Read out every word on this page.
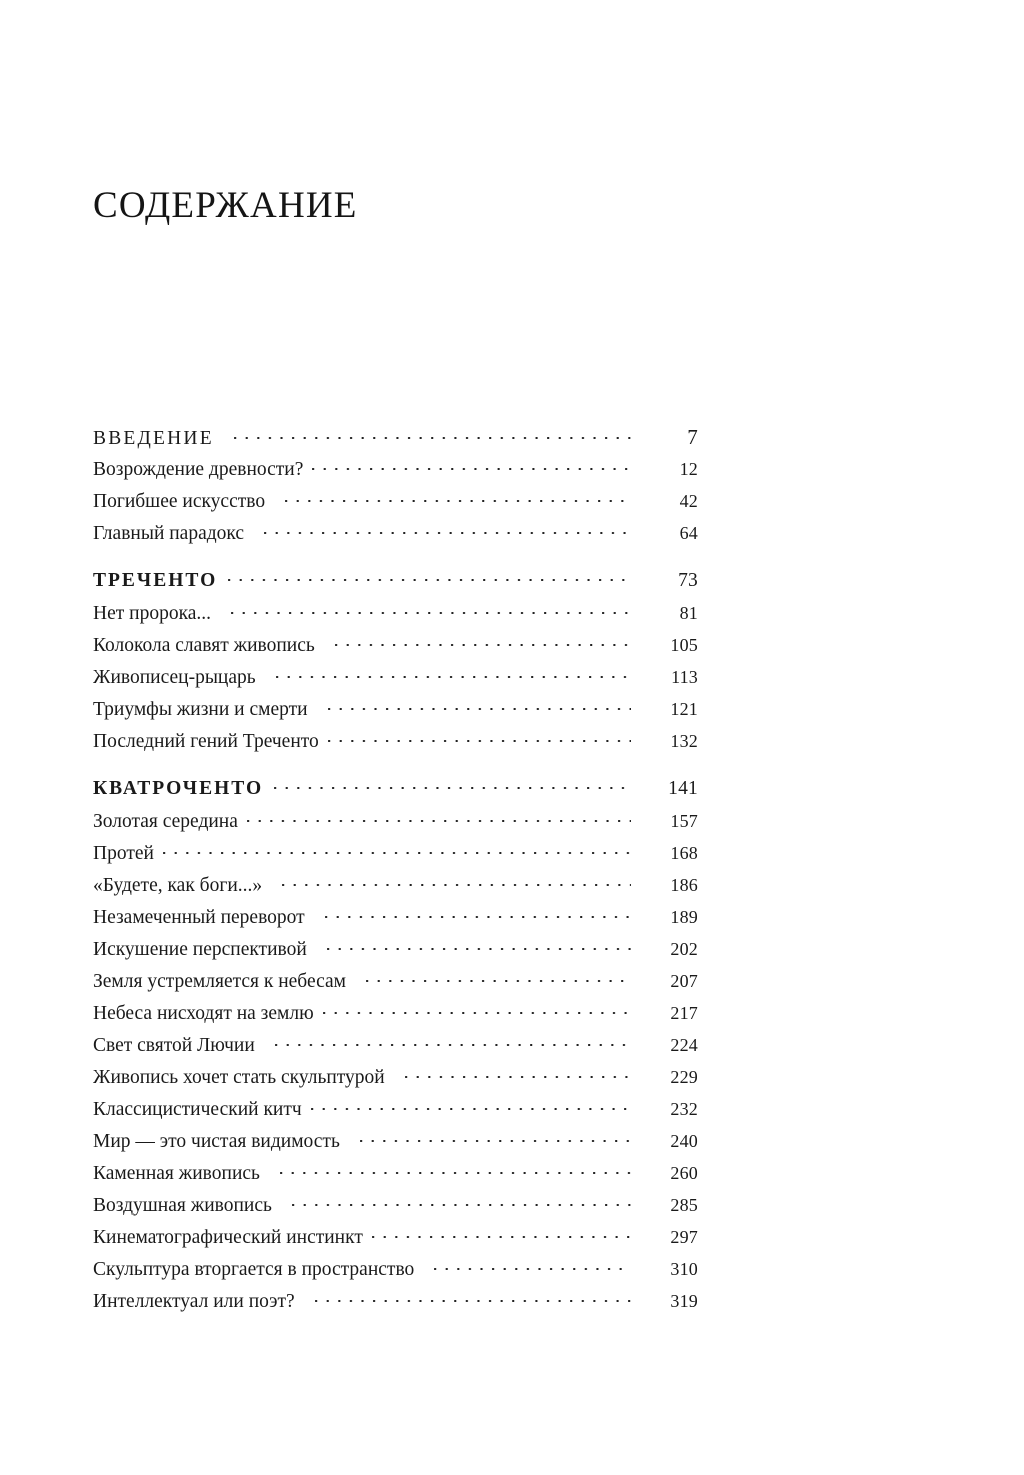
СОДЕРЖАНИЕ
ВВЕДЕНИЕ	7
Возрождение древности?	12
Погибшее искусство	42
Главный парадокс	64
ТРЕЧЕНТО	73
Нет пророка...	81
Колокола славят живопись	105
Живописец-рыцарь	113
Триумфы жизни и смерти	121
Последний гений Треченто	132
КВАТРОЧЕНТО	141
Золотая середина	157
Протей	168
«Будете, как боги...»	186
Незамеченный переворот	189
Искушение перспективой	202
Земля устремляется к небесам	207
Небеса нисходят на землю	217
Свет святой Лючии	224
Живопись хочет стать скульптурой	229
Классицистический китч	232
Мир — это чистая видимость	240
Каменная живопись	260
Воздушная живопись	285
Кинематографический инстинкт	297
Скульптура вторгается в пространство	310
Интеллектуал или поэт?	319
